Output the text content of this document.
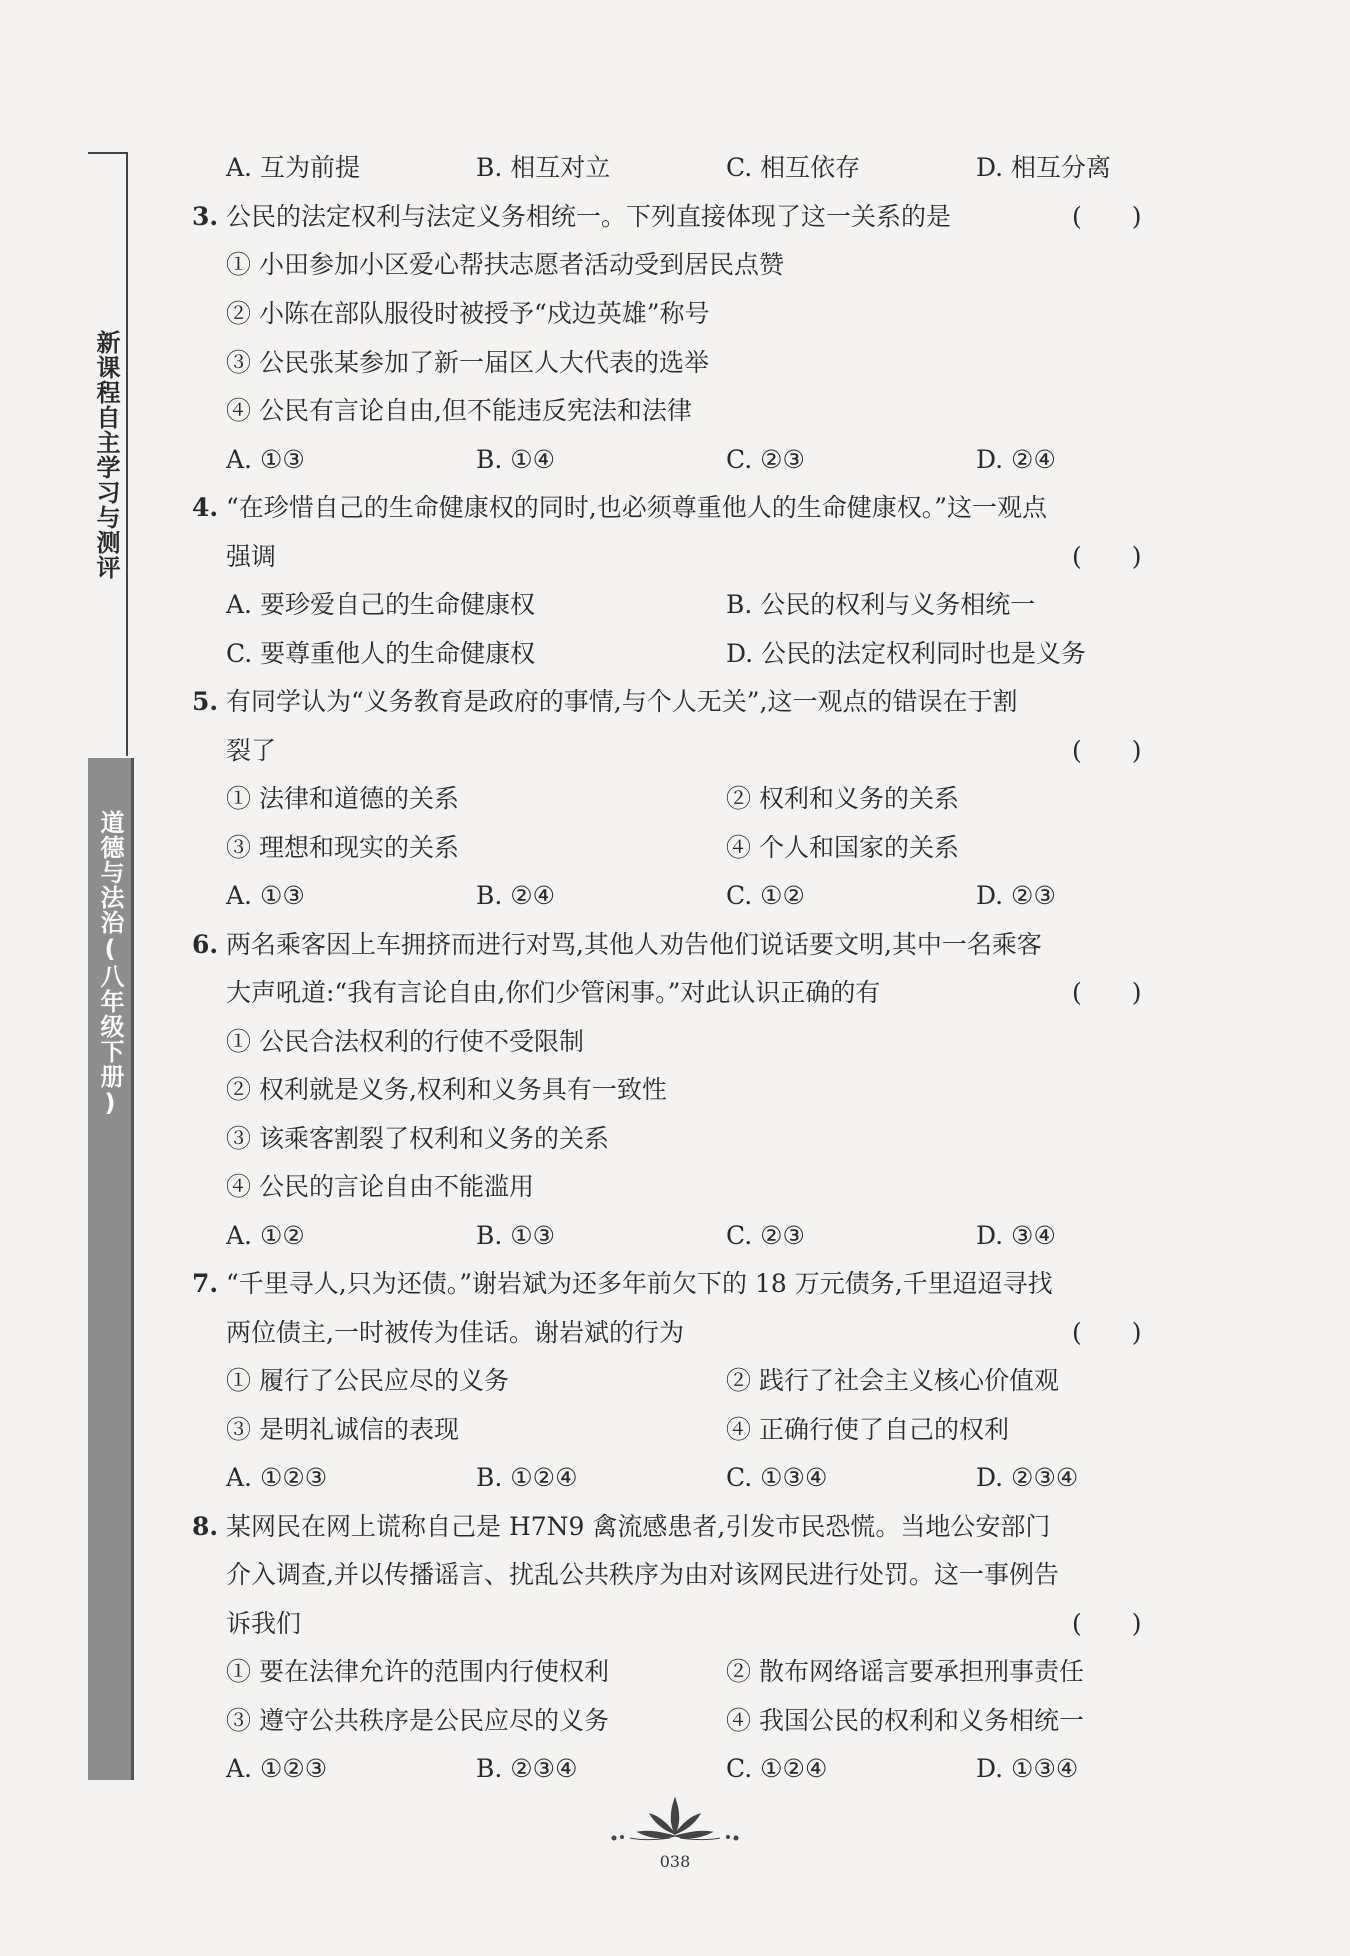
新课程自主学习与测评
道德与法治(八年级下册)
A. 互为前提	B. 相互对立	C. 相互依存	D. 相互分离
3. 公民的法定权利与法定义务相统一。下列直接体现了这一关系的是	(　　)
① 小田参加小区爱心帮扶志愿者活动受到居民点赞
② 小陈在部队服役时被授予“戍边英雄”称号
③ 公民张某参加了新一届区人大代表的选举
④ 公民有言论自由,但不能违反宪法和法律
A. ①③	B. ①④	C. ②③	D. ②④
4. “在珍惜自己的生命健康权的同时,也必须尊重他人的生命健康权。”这一观点
强调	(　　)
A. 要珍爱自己的生命健康权	B. 公民的权利与义务相统一
C. 要尊重他人的生命健康权	D. 公民的法定权利同时也是义务
5. 有同学认为“义务教育是政府的事情,与个人无关”,这一观点的错误在于割
裂了	(　　)
① 法律和道德的关系	② 权利和义务的关系
③ 理想和现实的关系	④ 个人和国家的关系
A. ①③	B. ②④	C. ①②	D. ②③
6. 两名乘客因上车拥挤而进行对骂,其他人劝告他们说话要文明,其中一名乘客
大声吼道:“我有言论自由,你们少管闲事。”对此认识正确的有	(　　)
① 公民合法权利的行使不受限制
② 权利就是义务,权利和义务具有一致性
③ 该乘客割裂了权利和义务的关系
④ 公民的言论自由不能滥用
A. ①②	B. ①③	C. ②③	D. ③④
7. “千里寻人,只为还债。”谢岩斌为还多年前欠下的 18 万元债务,千里迢迢寻找
两位债主,一时被传为佳话。谢岩斌的行为	(　　)
① 履行了公民应尽的义务	② 践行了社会主义核心价值观
③ 是明礼诚信的表现	④ 正确行使了自己的权利
A. ①②③	B. ①②④	C. ①③④	D. ②③④
8. 某网民在网上谎称自己是 H7N9 禽流感患者,引发市民恐慌。当地公安部门
介入调查,并以传播谣言、扰乱公共秩序为由对该网民进行处罚。这一事例告
诉我们	(　　)
① 要在法律允许的范围内行使权利	② 散布网络谣言要承担刑事责任
③ 遵守公共秩序是公民应尽的义务	④ 我国公民的权利和义务相统一
A. ①②③	B. ②③④	C. ①②④	D. ①③④
038
